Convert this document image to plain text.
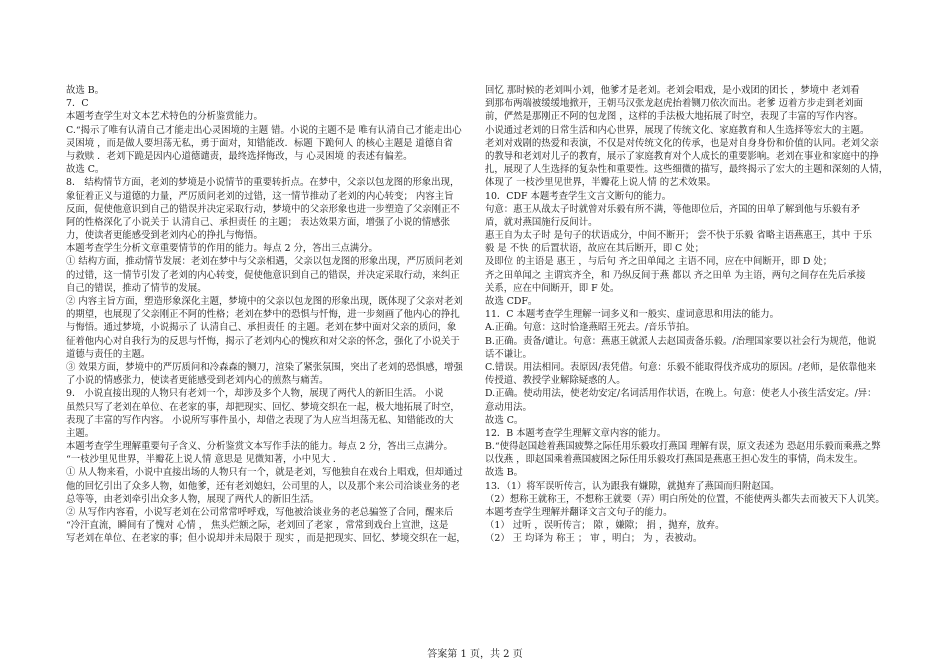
故选 B。
7．C
本题考查学生对文本艺术特色的分析鉴赏能力。
C.“揭示了唯有认清自己才能走出心灵困境的主题 错。小说的主题不是 唯有认清自己才能走出心
灵困境 ，而是做人要坦荡无私，勇于面对，知错能改．标题 下跪何人 的核心主题是 道德自省
与救赎 ．老刘下跪是因内心道德谴责，最终选择悔改，与 心灵困境 的表述有偏差。
故选 C。
8． 结构情节方面，老刘的梦境是小说情节的重要转折点。在梦中，父亲以包龙图的形象出现，
象征着正义与道德的力量，严厉质问老刘的过错，这一情节推动了老刘的内心转变； 内容主旨
反面，促使他意识到自己的错误并决定采取行动，梦境中的父亲形象也进一步塑造了父亲刚正不
阿的性格深化了小说关于 认清自己、承担责任 的主题； 表达效果方面，增强了小说的情感张
力，使读者更能感受到老刘内心的挣扎与悔悟。
本题考查学生分析文章重要情节的作用的能力。每点 2 分，答出三点满分。
① 结构方面，推动情节发展：老刘在梦中与父亲相遇，父亲以包龙图的形象出现，严厉质问老刘
的过错，这一情节引发了老刘的内心转变，促使他意识到自己的错误，并决定采取行动，来纠正
自己的错误，推动了情节的发展。
② 内容主旨方面，塑造形象深化主题，梦境中的父亲以包龙图的形象出现，既体现了父亲对老刘
的期望，也展现了父亲刚正不阿的性格；老刘在梦中的恐惧与忏悔，进一步刻画了他内心的挣扎
与悔悟。通过梦境，小说揭示了 认清自己、承担责任 的主题。老刘在梦中面对父亲的质问，象
征着他内心对自我行为的反思与忏悔，揭示了老刘内心的愧疚和对父亲的怀念，强化了小说关于
道德与责任的主题。
③ 效果方面，梦境中的严厉质问和冷森森的铡刀，渲染了紧张氛围，突出了老刘的恐惧感，增强
了小说的情感张力，使读者更能感受到老刘内心的煎熬与痛苦。
9． 小说直接出现的人物只有老刘一个，却涉及多个人物，展现了两代人的新旧生活。 小说
虽然只写了老刘在单位、在老家的事，却把现实、回忆、梦境交织在一起，极大地拓展了时空，
表现了丰富的写作内容。 小说所写事件虽小，却借之表现了为人应当坦荡无私、知错能改的大
主题。
本题考查学生理解重要句子含义、分析鉴赏文本写作手法的能力。每点 2 分，答出三点满分。
“一枝沙里见世界，半瓣花上说人情 意思是 见微知著，小中见大 ．
① 从人物来看，小说中直接出场的人物只有一个，就是老刘，写他独自在戏台上唱戏，但却通过
他的回忆引出了众多人物，如他爹，还有老刘媳妇，公司里的人，以及那个来公司洽谈业务的老
总等等，由老刘牵引出众多人物，展现了两代人的新旧生活。
② 从写作内容看，小说写老刘在公司常常呼呼戏，写他被洽谈业务的老总骗签了合同，醒来后
“冷汗直流，瞬间有了愧对 心情 ， 焦头烂额之际，老刘回了老家 ，常常到戏台上宣泄，这是
写老刘在单位、在老家的事；但小说却并未局限于 现实 ，而是把现实、回忆、梦境交织在一起，
回忆 那时候的老刘叫小刘，他爹才是老刘。老刘会唱戏，是小戏团的团长 ，梦境中 老刘看
到那布两端被缓缓地掀开，王朝马汉张龙赵虎抬着铡刀依次而出。老爹 迈着方步走到老刘面
前，俨然是那刚正不阿的包龙图 ，这样的手法极大地拓展了时空，表现了丰富的写作内容。
小说通过老刘的日常生活和内心世界，展现了传统文化、家庭教育和人生选择等宏大的主题。
老刘对戏剧的热爱和表演，不仅是对传统文化的传承，也是对自身身份和价值的认同。老刘父亲
的教导和老刘对儿子的教育，展示了家庭教育对个人成长的重要影响。老刘在事业和家庭中的挣
扎，展现了人生选择的复杂性和重要性。这些细微的描写，最终揭示了宏大的主题和深刻的人情，
体现了 一枝沙里见世界，半瓣花上说人情 的艺术效果。
10．CDF 本题考查学生文言文断句的能力。
句意：惠王从战太子时就曾对乐毅有所不满，等他即位后，齐国的田单了解到他与乐毅有矛
盾，就对燕国施行反间计。
惠王自为太子时 是句子的状语成分，中间不断开； 尝不快于乐毅 省略主语燕惠王，其中 于乐
毅 是 不快 的后置状语，故应在其后断开，即 C 处；
及即位 的主语是 惠王 ，与后句 齐之田单闻之 主语不同，应在中间断开，即 D 处；
齐之田单闻之 主谓宾齐全，和 乃纵反间于燕 都以 齐之田单 为主语，两句之间存在先后承接
关系，应在中间断开，即 F 处。
故选 CDF。
11．C 本题考查学生理解一词多义和一般实、虚词意思和用法的能力。
A.正确。句意：这时恰逢燕昭王死去。/音乐节拍。
B.正确。责备/谴让。句意：燕惠王就派人去赵国责备乐毅。/治理国家要以社会行为规范，他说
话不谦让。
C.错误。用法相同。表原因/表凭借。句意：乐毅不能取得伐齐成功的原因。/老师，是依靠他来
传授道、教授学业解除疑惑的人。
D.正确。使动用法，使老幼安定/名词活用作状语，在晚上。句意：使老人小孩生活安定。/异：
意动用法。
故选 C。
12．B 本题考查学生理解文章内容的能力。
B.“使得赵国趁着燕国疲弊之际任用乐毅攻打燕国 理解有误，原文表述为 恐赵用乐毅而乘燕之弊
以伐燕 ，即赵国乘着燕国疲困之际任用乐毅攻打燕国是燕惠王担心发生的事情，尚未发生。
故选 B。
13．（1）将军误听传言，认为跟我有嫌隙，就抛弃了燕国而归附赵国。
（2）想称王就称王，不想称王就要（弄）明白所处的位置，不能使两头都失去而被天下人讥笑。
本题考查学生理解并翻译文言文句子的能力。
（1） 过听 ，误听传言； 隙 ，嫌隙； 捐 ，抛弃，放弃。
（2） 王 均译为 称王 ； 审 ，明白； 为 ，表被动。
答案第 1 页，共 2 页
